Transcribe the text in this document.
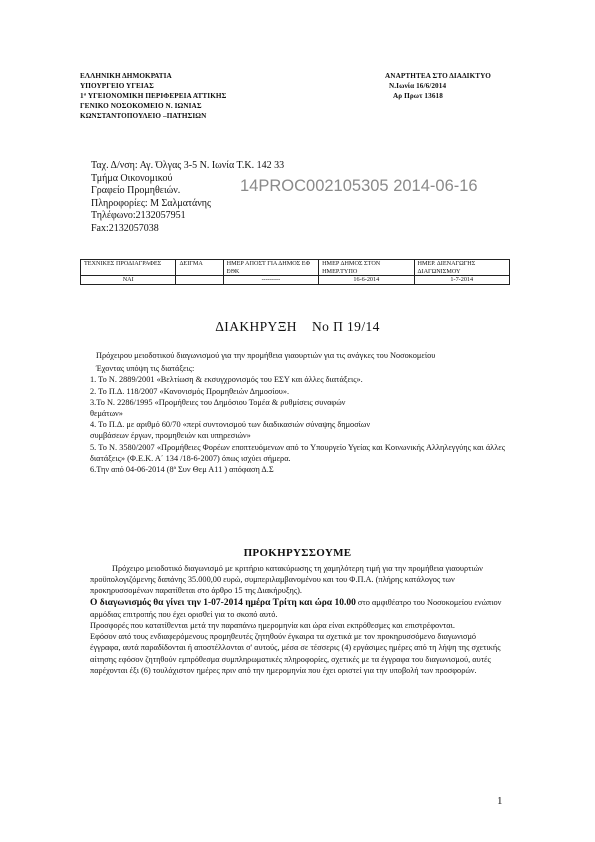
ΕΛΛΗΝΙΚΗ ΔΗΜΟΚΡΑΤΙΑ
ΥΠΟΥΡΓΕΙΟ ΥΓΕΙΑΣ
1ª ΥΓΕΙΟΝΟΜΙΚΗ ΠΕΡΙΦΕΡΕΙΑ ΑΤΤΙΚΗΣ
ΓΕΝΙΚΟ ΝΟΣΟΚΟΜΕΙΟ Ν. ΙΩΝΙΑΣ
ΚΩΝΣΤΑΝΤΟΠΟΥΛΕΙΟ –ΠΑΤΗΣΙΩΝ
ΑΝΑΡΤΗΤΕΑ ΣΤΟ ΔΙΑΔΙΚΤΥΟ
Ν.Ιωνία 16/6/2014
Αρ Πρωτ 13618
Ταχ. Δ/νση: Αγ. Όλγας 3-5 Ν. Ιωνία Τ.Κ. 142 33
Τμήμα Οικονομικού
Γραφείο Προμηθειών.
Πληροφορίες: Μ Σαλματάνης
Τηλέφωνο:2132057951
Fax:2132057038
14PROC002105305 2014-06-16
ΤΕΧΝΙΚΕΣ ΠΡΟΔΙΑΓΡΑΦΕΣ	ΔΕΙΓΜΑ	ΗΜΕΡ ΑΠΟΣΤ ΓΙΑ ΔΗΜΟΣ ΕΦ ΕΘΚ	ΗΜΕΡ ΔΗΜΟΣ ΣΤΟΝ ΗΜΕΡ.ΤΥΠΟ	ΗΜΕΡ. ΔΙΕΝΑΓΩΓΗΣ ΔΙΑΓΩΝΙΣΜΟΥ
ΝΑΙ		---------	16-6-2014	1-7-2014
ΔΙΑΚΗΡΥΞΗ    Νο Π 19/14

Πρόχειρου μειοδοτικού διαγωνισμού για την προμήθεια γιαουρτιών για τις ανάγκες του Νοσοκομείου

Έχοντας υπόψη τις διατάξεις:

1. Το Ν. 2889/2001 «Βελτίωση & εκσυγχρονισμός του ΕΣΥ και άλλες διατάξεις».

2. Το Π.Δ. 118/2007 «Κανονισμός Προμηθειών Δημοσίου».

3.Το Ν. 2286/1995 «Προμήθειες του Δημόσιου Τομέα & ρυθμίσεις συναφών θεμάτων»

4. Το Π.Δ. με αριθμό 60/70 «περί συντονισμού των διαδικασιών σύναψης δημοσίων συμβάσεων έργων, προμηθειών και υπηρεσιών»

5. Το Ν. 3580/2007 «Προμήθειες Φορέων εποπτευόμενων από το Υπουργείο Υγείας και Κοινωνικής Αλληλεγγύης και άλλες διατάξεις» (Φ.Ε.Κ. Α΄ 134 /18-6-2007) όπως ισχύει σήμερα.

6.Την από 04-06-2014 (8ª Συν Θεμ Α11 ) απόφαση Δ.Σ

ΠΡΟΚΗΡΥΣΣΟΥΜΕ

Πρόχειρο μειοδοτικό διαγωνισμό με κριτήριο κατακύρωσης τη χαμηλότερη τιμή για την προμήθεια γιαουρτιών προϋπολογιζόμενης δαπάνης 35.000,00 ευρώ, συμπεριλαμβανομένου και του Φ.Π.Α. (πλήρης κατάλογος των προκηρυσσομένων παρατίθεται στο άρθρο 15 της Διακήρυξης).

Ο διαγωνισμός θα γίνει την 1-07-2014 ημέρα Τρίτη και ώρα 10.00 στο αμφιθέατρο του Νοσοκομείου ενώπιον αρμόδιας επιτροπής που έχει ορισθεί για το σκοπό αυτό.

Προσφορές που κατατίθενται μετά την παραπάνω ημερομηνία και ώρα είναι εκπρόθεσμες και επιστρέφονται.

Εφόσον από τους ενδιαφερόμενους προμηθευτές ζητηθούν έγκαιρα τα σχετικά με τον προκηρυσσόμενο διαγωνισμό έγγραφα, αυτά παραδίδονται ή αποστέλλονται σ' αυτούς, μέσα σε τέσσερις (4) εργάσιμες ημέρες από τη λήψη της σχετικής αίτησης εφόσον ζητηθούν εμπρόθεσμα συμπληρωματικές πληροφορίες, σχετικές με τα έγγραφα του διαγωνισμού, αυτές παρέχονται έξι (6) τουλάχιστον ημέρες πριν από την ημερομηνία που έχει οριστεί για την υποβολή των προσφορών.

1
